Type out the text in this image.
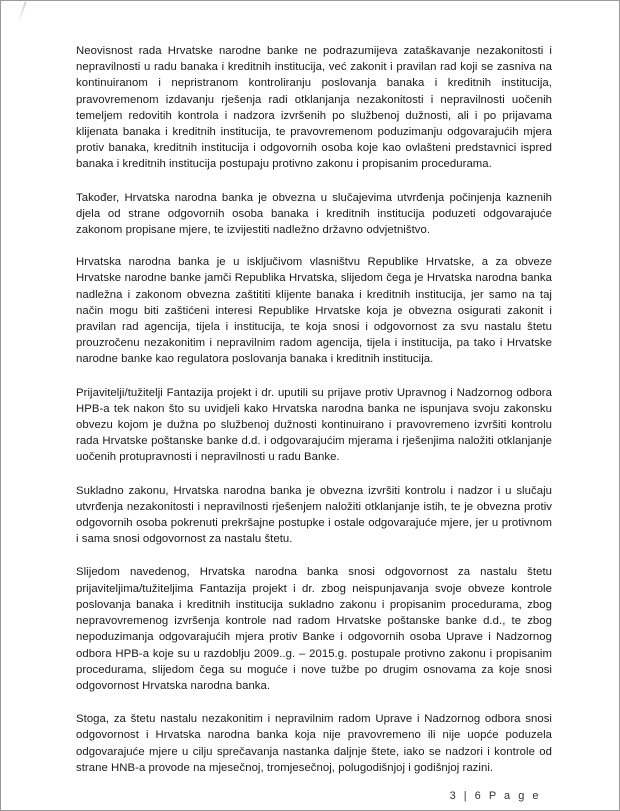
Neovisnost rada Hrvatske narodne banke ne podrazumijeva zataškavanje nezakonitosti i nepravilnosti u radu banaka i kreditnih institucija, već zakonit i pravilan rad koji se zasniva na kontinuiranom i nepristranom kontroliranju poslovanja banaka i kreditnih institucija, pravovremenom izdavanju rješenja radi otklanjanja nezakonitosti i nepravilnosti uočenih temeljem redovitih kontrola i nadzora izvršenih po službenoj dužnosti, ali i po prijavama klijenata banaka i kreditnih institucija, te pravovremenom poduzimanju odgovarajućih mjera protiv banaka, kreditnih institucija i odgovornih osoba koje kao ovlašteni predstavnici ispred banaka i kreditnih institucija postupaju protivno zakonu i propisanim procedurama.

Također, Hrvatska narodna banka je obvezna u slučajevima utvrđenja počinjenja kaznenih djela od strane odgovornih osoba banaka i kreditnih institucija poduzeti odgovarajuće zakonom propisane mjere, te izvijestiti nadležno državno odvjetništvo.

Hrvatska narodna banka je u isključivom vlasništvu Republike Hrvatske, a za obveze Hrvatske narodne banke jamči Republika Hrvatska, slijedom čega je Hrvatska narodna banka nadležna i zakonom obvezna zaštititi klijente banaka i kreditnih institucija, jer samo na taj način mogu biti zaštićeni interesi Republike Hrvatske koja je obvezna osigurati zakonit i pravilan rad agencija, tijela i institucija, te koja snosi i odgovornost za svu nastalu štetu prouzročenu nezakonitim i nepravilnim radom agencija, tijela i institucija, pa tako i Hrvatske narodne banke kao regulatora poslovanja banaka i kreditnih institucija.

Prijavitelji/tužitelji Fantazija projekt i dr. uputili su prijave protiv Upravnog i Nadzornog odbora HPB-a tek nakon što su uvidjeli kako Hrvatska narodna banka ne ispunjava svoju zakonsku obvezu kojom je dužna po službenoj dužnosti kontinuirano i pravovremeno izvršiti kontrolu rada Hrvatske poštanske banke d.d. i odgovarajućim mjerama i rješenjima naložiti otklanjanje uočenih protupravnosti i nepravilnosti u radu Banke.

Sukladno zakonu, Hrvatska narodna banka je obvezna izvršiti kontrolu i nadzor i u slučaju utvrđenja nezakonitosti i nepravilnosti rješenjem naložiti otklanjanje istih, te je obvezna protiv odgovornih osoba pokrenuti prekršajne postupke i ostale odgovarajuće mjere, jer u protivnom i sama snosi odgovornost za nastalu štetu.

Slijedom navedenog, Hrvatska narodna banka snosi odgovornost za nastalu štetu prijaviteljima/tužiteljima Fantazija projekt i dr. zbog neispunjavanja svoje obveze kontrole poslovanja banaka i kreditnih institucija sukladno zakonu i propisanim procedurama, zbog nepravovremenog izvršenja kontrole nad radom Hrvatske poštanske banke d.d., te zbog nepoduzimanja odgovarajućih mjera protiv Banke i odgovornih osoba Uprave i Nadzornog odbora HPB-a koje su u razdoblju 2009..g. – 2015.g. postupale protivno zakonu i propisanim procedurama, slijedom čega su moguće i nove tužbe po drugim osnovama za koje snosi odgovornost Hrvatska narodna banka.

Stoga, za štetu nastalu nezakonitim i nepravilnim radom Uprave i Nadzornog odbora snosi odgovornost i Hrvatska narodna banka koja nije pravovremeno ili nije uopće poduzela odgovarajuće mjere u cilju sprečavanja nastanka daljnje štete, iako se nadzori i kontrole od strane HNB-a provode na mjesečnoj, tromjesečnoj, polugodišnjoj i godišnjoj razini.

3 | 6 P a g e
